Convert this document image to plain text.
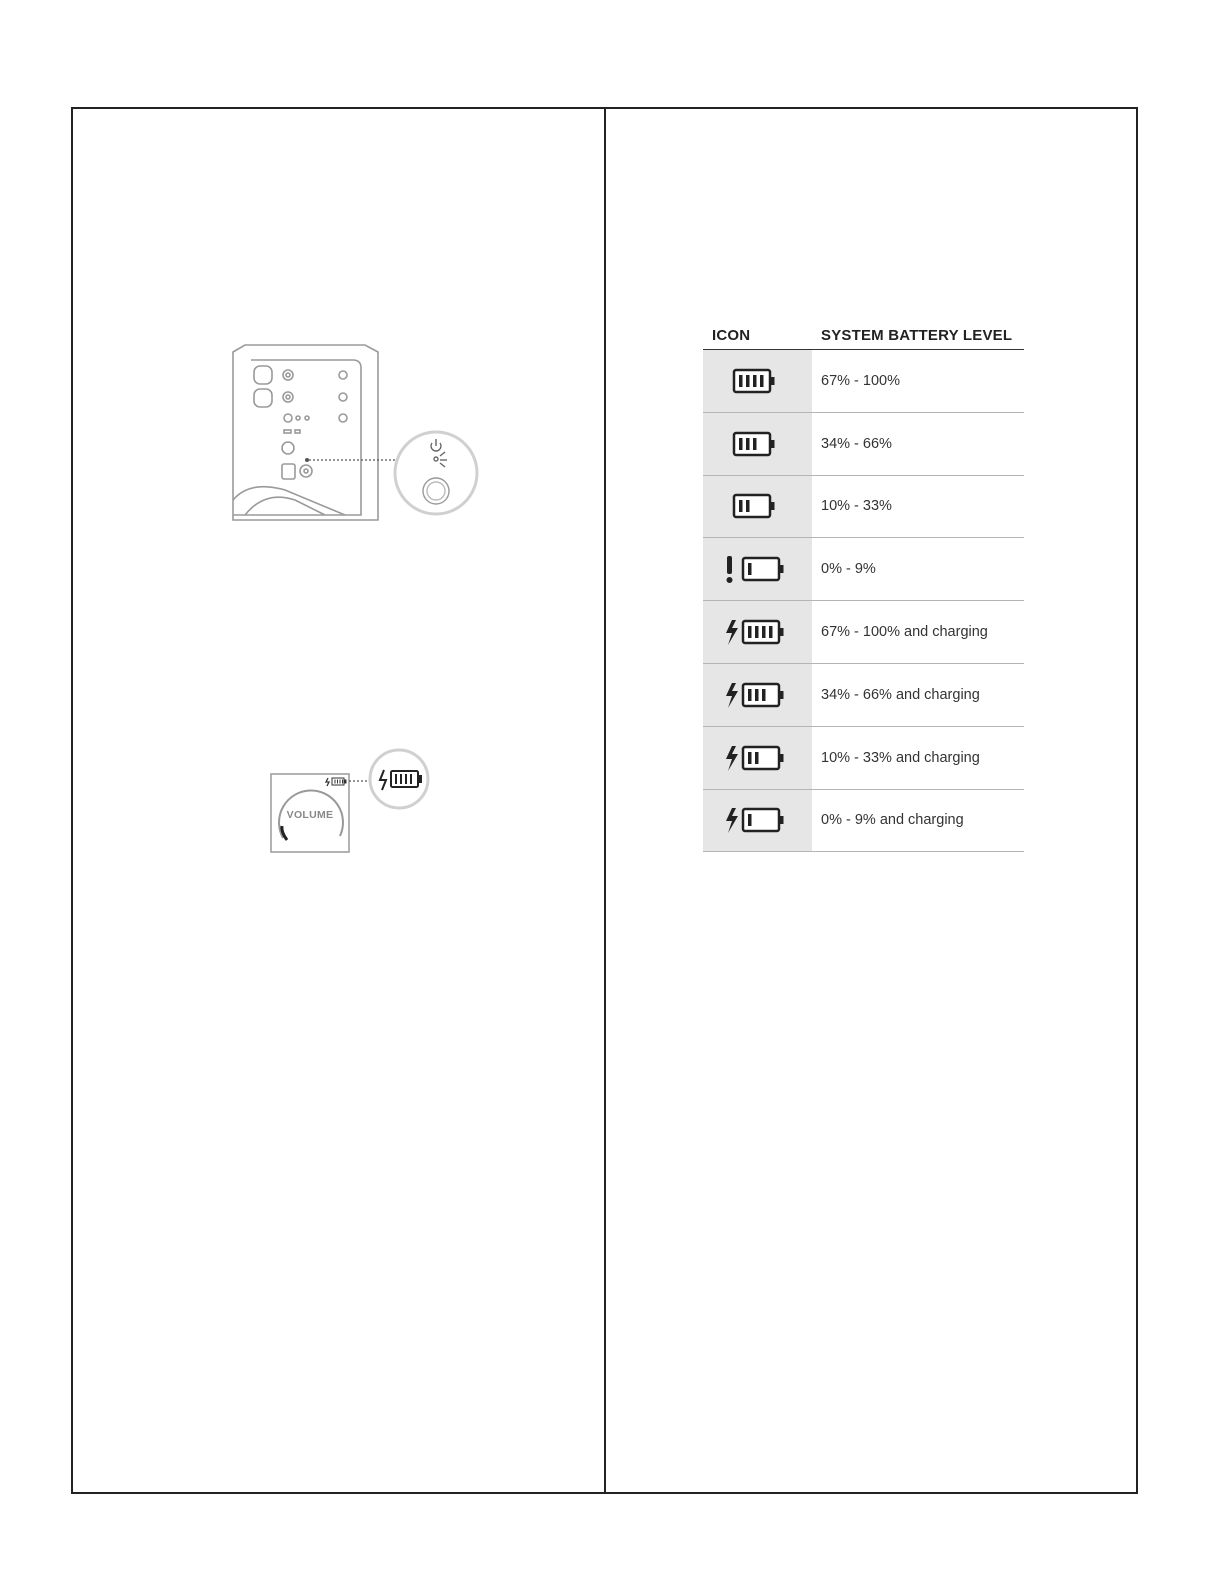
VOLUME
ICON	SYSTEM BATTERY LEVEL
67% - 100%
34% - 66%
10% - 33%
0% - 9%
67% - 100% and charging
34% - 66% and charging
10% - 33% and charging
0% - 9% and charging
